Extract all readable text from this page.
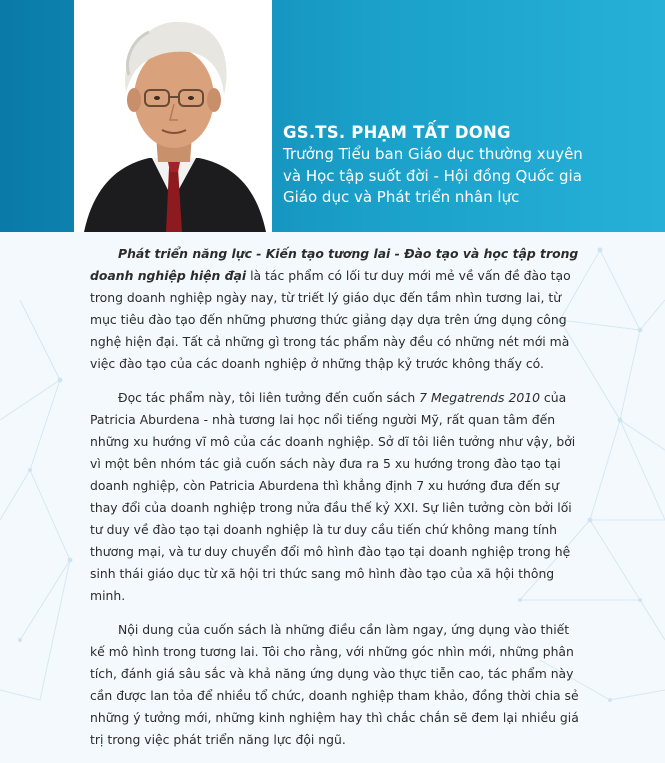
GS.TS. PHẠM TẤT DONG
Trưởng Tiểu ban Giáo dục thường xuyên
và Học tập suốt đời - Hội đồng Quốc gia
Giáo dục và Phát triển nhân lực

Phát triển năng lực - Kiến tạo tương lai - Đào tạo và học tập trong doanh nghiệp hiện đại là tác phẩm có lối tư duy mới mẻ về vấn đề đào tạo trong doanh nghiệp ngày nay, từ triết lý giáo dục đến tầm nhìn tương lai, từ mục tiêu đào tạo đến những phương thức giảng dạy dựa trên ứng dụng công nghệ hiện đại. Tất cả những gì trong tác phẩm này đều có những nét mới mà việc đào tạo của các doanh nghiệp ở những thập kỷ trước không thấy có.

Đọc tác phẩm này, tôi liên tưởng đến cuốn sách 7 Megatrends 2010 của Patricia Aburdena - nhà tương lai học nổi tiếng người Mỹ, rất quan tâm đến những xu hướng vĩ mô của các doanh nghiệp. Sở dĩ tôi liên tưởng như vậy, bởi vì một bên nhóm tác giả cuốn sách này đưa ra 5 xu hướng trong đào tạo tại doanh nghiệp, còn Patricia Aburdena thì khẳng định 7 xu hướng đưa đến sự thay đổi của doanh nghiệp trong nửa đầu thế kỷ XXI. Sự liên tưởng còn bởi lối tư duy về đào tạo tại doanh nghiệp là tư duy cầu tiến chứ không mang tính thương mại, và tư duy chuyển đổi mô hình đào tạo tại doanh nghiệp trong hệ sinh thái giáo dục từ xã hội tri thức sang mô hình đào tạo của xã hội thông minh.

Nội dung của cuốn sách là những điều cần làm ngay, ứng dụng vào thiết kế mô hình trong tương lai. Tôi cho rằng, với những góc nhìn mới, những phân tích, đánh giá sâu sắc và khả năng ứng dụng vào thực tiễn cao, tác phẩm này cần được lan tỏa để nhiều tổ chức, doanh nghiệp tham khảo, đồng thời chia sẻ những ý tưởng mới, những kinh nghiệm hay thì chắc chắn sẽ đem lại nhiều giá trị trong việc phát triển năng lực đội ngũ.
